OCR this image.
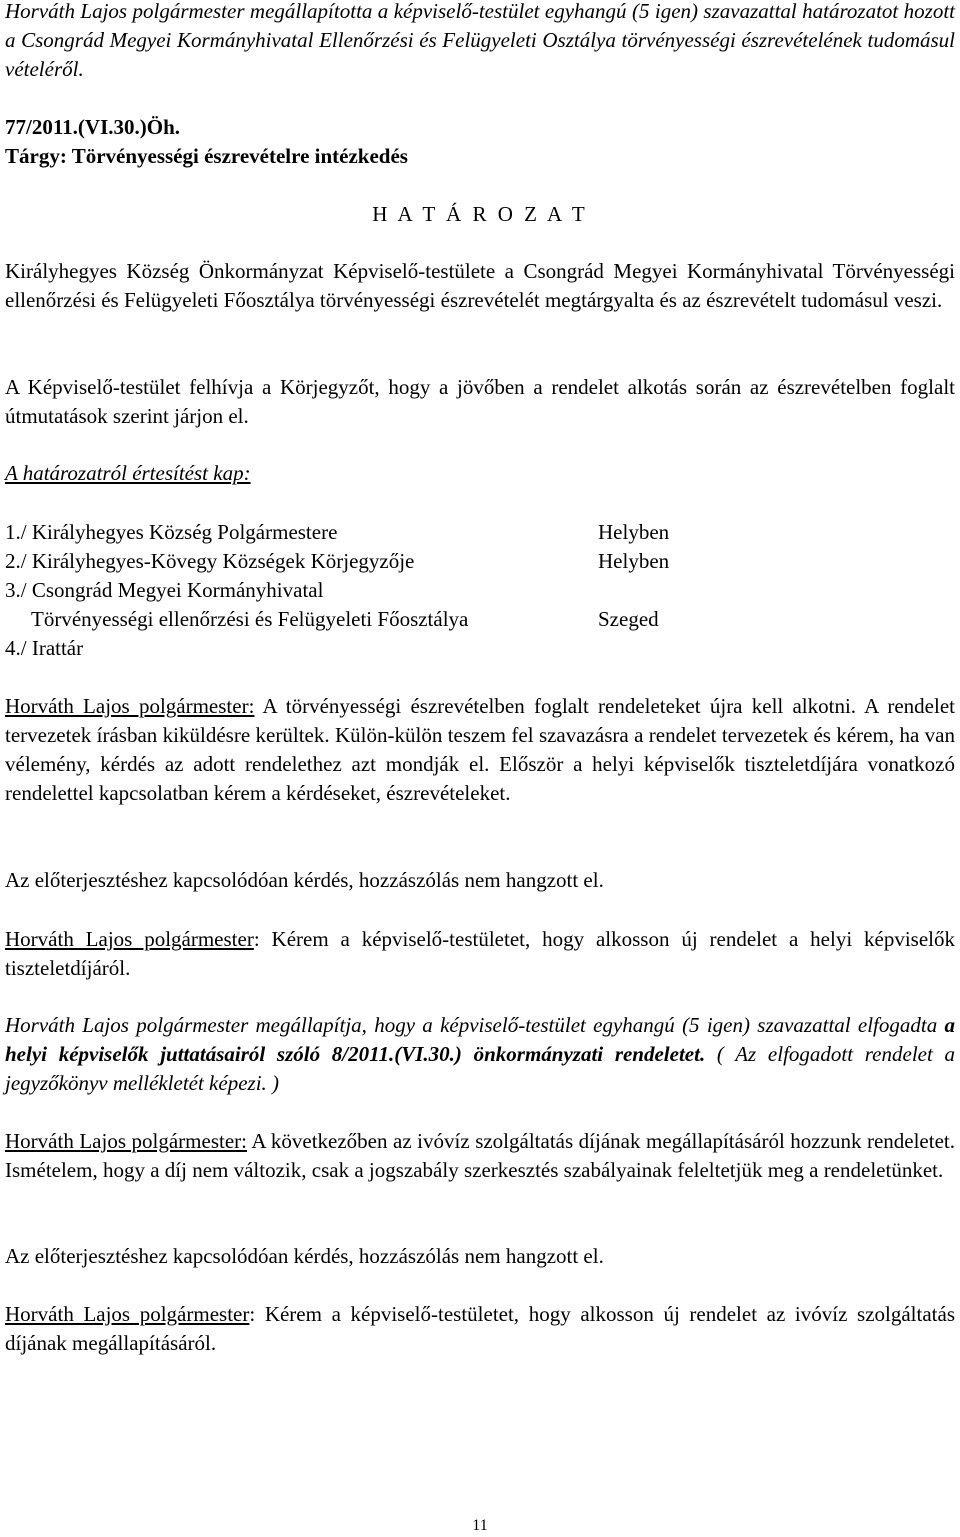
Horváth Lajos polgármester megállapította a képviselő-testület egyhangú (5 igen) szavazattal határozatot hozott a Csongrád Megyei Kormányhivatal Ellenőrzési és Felügyeleti Osztálya törvényességi észrevételének tudomásul vételéről.

77/2011.(VI.30.)Öh.

Tárgy: Törvényességi észrevételre intézkedés

H A T Á R O Z A T

Királyhegyes Község Önkormányzat Képviselő-testülete a Csongrád Megyei Kormányhivatal Törvényességi ellenőrzési és Felügyeleti Főosztálya törvényességi észrevételét megtárgyalta és az észrevételt tudomásul veszi.

A Képviselő-testület felhívja a Körjegyzőt, hogy a jövőben a rendelet alkotás során az észrevételben foglalt útmutatások szerint járjon el.

A határozatról értesítést kap:

1./ Királyhegyes Község Polgármestere	Helyben
2./ Királyhegyes-Kövegy Községek Körjegyzője	Helyben
3./ Csongrád Megyei Kormányhivatal
Törvényességi ellenőrzési és Felügyeleti Főosztálya	Szeged
4./ Irattár

Horváth Lajos polgármester: A törvényességi észrevételben foglalt rendeleteket újra kell alkotni. A rendelet tervezetek írásban kiküldésre kerültek. Külön-külön teszem fel szavazásra a rendelet tervezetek és kérem, ha van vélemény, kérdés az adott rendelethez azt mondják el. Először a helyi képviselők tiszteletdíjára vonatkozó rendelettel kapcsolatban kérem a kérdéseket, észrevételeket.

Az előterjesztéshez kapcsolódóan kérdés, hozzászólás nem hangzott el.

Horváth Lajos polgármester: Kérem a képviselő-testületet, hogy alkosson új rendelet a helyi képviselők tiszteletdíjáról.

Horváth Lajos polgármester megállapítja, hogy a képviselő-testület egyhangú (5 igen) szavazattal elfogadta a helyi képviselők juttatásairól szóló 8/2011.(VI.30.) önkormányzati rendeletet. ( Az elfogadott rendelet a jegyzőkönyv mellékletét képezi. )

Horváth Lajos polgármester: A következőben az ivóvíz szolgáltatás díjának megállapításáról hozzunk rendeletet. Ismételem, hogy a díj nem változik, csak a jogszabály szerkesztés szabályainak feleltetjük meg a rendeletünket.

Az előterjesztéshez kapcsolódóan kérdés, hozzászólás nem hangzott el.

Horváth Lajos polgármester: Kérem a képviselő-testületet, hogy alkosson új rendelet az ivóvíz szolgáltatás díjának megállapításáról.

11
